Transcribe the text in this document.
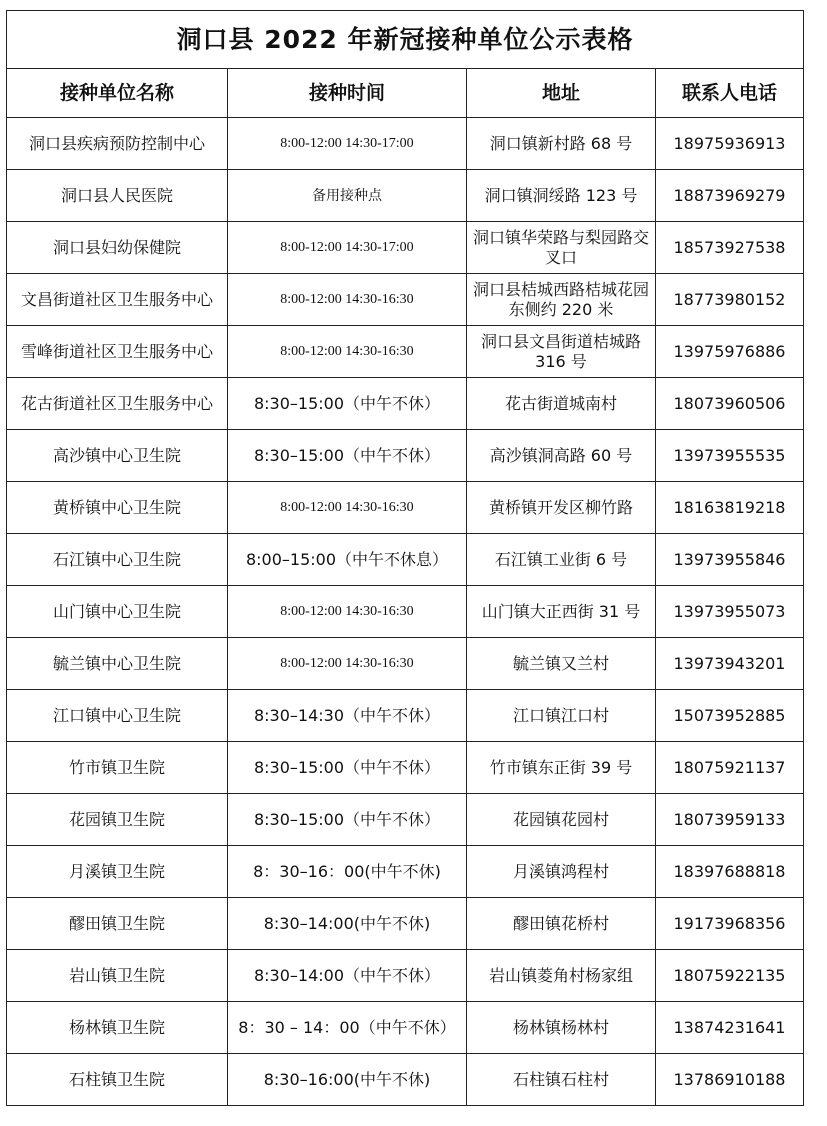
洞口县 2022 年新冠接种单位公示表格			
接种单位名称	接种时间	地址	联系人电话
洞口县疾病预防控制中心	8:00-12:00 14:30-17:00	洞口镇新村路 68 号	18975936913
洞口县人民医院	备用接种点	洞口镇洞绥路 123 号	18873969279
洞口县妇幼保健院	8:00-12:00 14:30-17:00	洞口镇华荣路与梨园路交叉口	18573927538
文昌街道社区卫生服务中心	8:00-12:00 14:30-16:30	洞口县桔城西路桔城花园东侧约 220 米	18773980152
雪峰街道社区卫生服务中心	8:00-12:00 14:30-16:30	洞口县文昌街道桔城路 316 号	13975976886
花古街道社区卫生服务中心	8:30–15:00（中午不休）	花古街道城南村	18073960506
高沙镇中心卫生院	8:30–15:00（中午不休）	高沙镇洞高路 60 号	13973955535
黄桥镇中心卫生院	8:00-12:00 14:30-16:30	黄桥镇开发区柳竹路	18163819218
石江镇中心卫生院	8:00–15:00（中午不休息）	石江镇工业街 6 号	13973955846
山门镇中心卫生院	8:00-12:00 14:30-16:30	山门镇大正西街 31 号	13973955073
毓兰镇中心卫生院	8:00-12:00 14:30-16:30	毓兰镇又兰村	13973943201
江口镇中心卫生院	8:30–14:30（中午不休）	江口镇江口村	15073952885
竹市镇卫生院	8:30–15:00（中午不休）	竹市镇东正街 39 号	18075921137
花园镇卫生院	8:30–15:00（中午不休）	花园镇花园村	18073959133
月溪镇卫生院	8：30–16：00(中午不休)	月溪镇鸿程村	18397688818
醪田镇卫生院	8:30–14:00(中午不休)	醪田镇花桥村	19173968356
岩山镇卫生院	8:30–14:00（中午不休）	岩山镇菱角村杨家组	18075922135
杨林镇卫生院	8：30 – 14：00（中午不休）	杨林镇杨林村	13874231641
石柱镇卫生院	8:30–16:00(中午不休)	石柱镇石柱村	13786910188
